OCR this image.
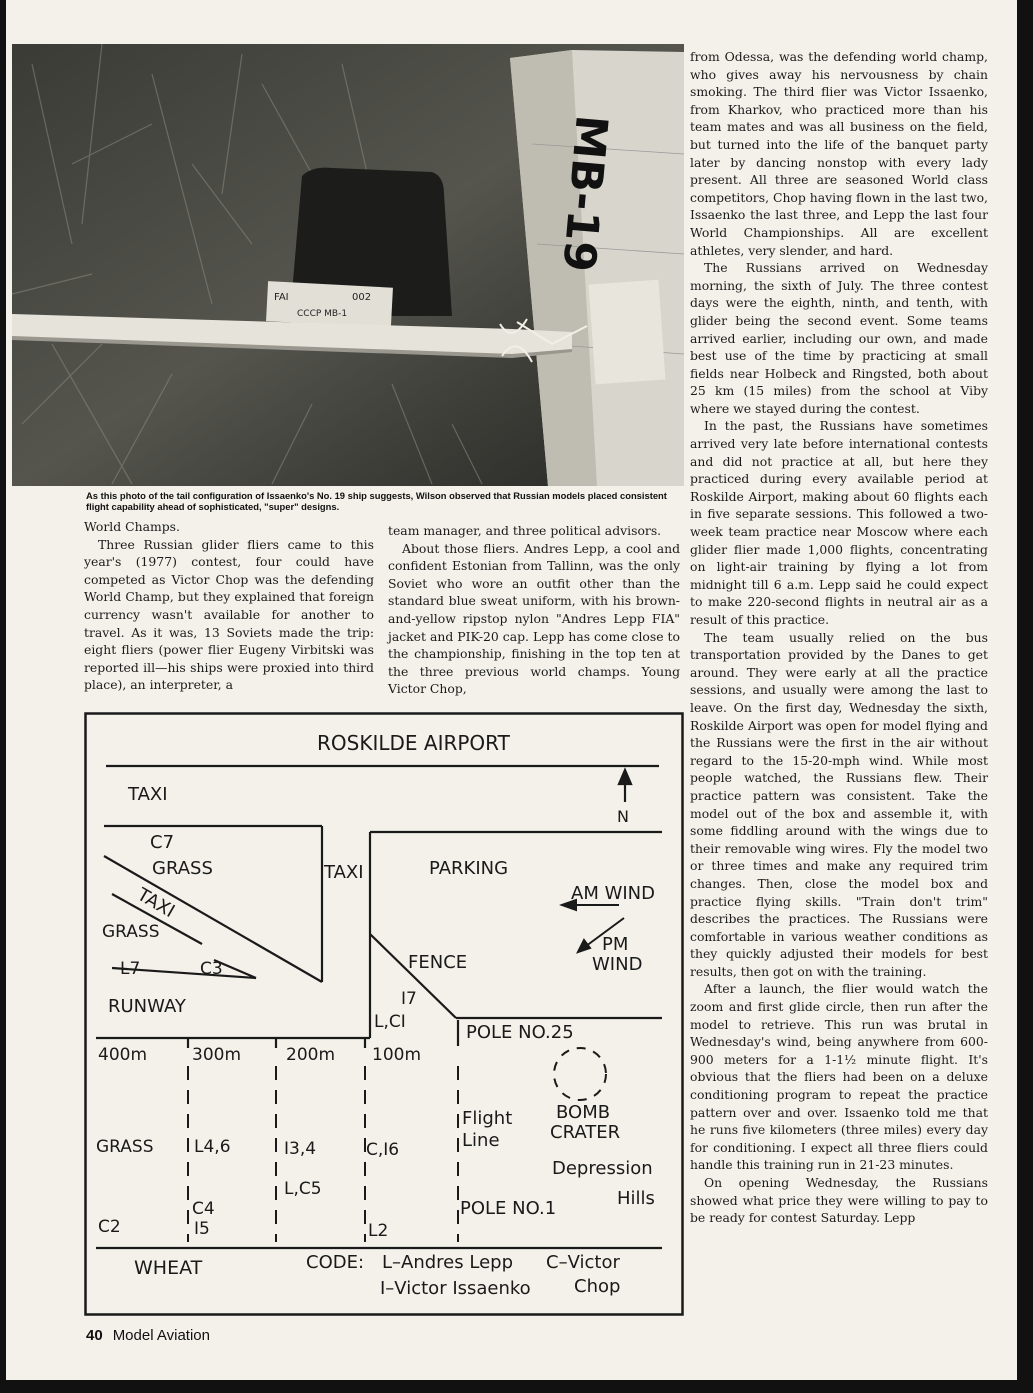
MB-19
FAI	002
CCCP MB-1

As this photo of the tail configuration of Issaenko's No. 19 ship suggests, Wilson observed that Russian models placed consistent flight capability ahead of sophisticated, "super" designs.

World Champs.

Three Russian glider fliers came to this year's (1977) contest, four could have competed as Victor Chop was the defending World Champ, but they explained that foreign currency wasn't available for another to travel. As it was, 13 Soviets made the trip: eight fliers (power flier Eugeny Virbitski was reported ill—his ships were proxied into third place), an interpreter, a

team manager, and three political advisors.

About those fliers. Andres Lepp, a cool and confident Estonian from Tallinn, was the only Soviet who wore an outfit other than the standard blue sweat uniform, with his brown-and-yellow ripstop nylon "Andres Lepp FIA" jacket and PIK-20 cap. Lepp has come close to the championship, finishing in the top ten at the three previous world champs. Young Victor Chop,

from Odessa, was the defending world champ, who gives away his nervousness by chain smoking. The third flier was Victor Issaenko, from Kharkov, who practiced more than his team mates and was all business on the field, but turned into the life of the banquet party later by dancing nonstop with every lady present. All three are seasoned World class competitors, Chop having flown in the last two, Issaenko the last three, and Lepp the last four World Championships. All are excellent athletes, very slender, and hard.

The Russians arrived on Wednesday morning, the sixth of July. The three contest days were the eighth, ninth, and tenth, with glider being the second event. Some teams arrived earlier, including our own, and made best use of the time by practicing at small fields near Holbeck and Ringsted, both about 25 km (15 miles) from the school at Viby where we stayed during the contest.

In the past, the Russians have sometimes arrived very late before international contests and did not practice at all, but here they practiced during every available period at Roskilde Airport, making about 60 flights each in five separate sessions. This followed a two-week team practice near Moscow where each glider flier made 1,000 flights, concentrating on light-air training by flying a lot from midnight till 6 a.m. Lepp said he could expect to make 220-second flights in neutral air as a result of this practice.

The team usually relied on the bus transportation provided by the Danes to get around. They were early at all the practice sessions, and usually were among the last to leave. On the first day, Wednesday the sixth, Roskilde Airport was open for model flying and the Russians were the first in the air without regard to the 15-20-mph wind. While most people watched, the Russians flew. Their practice pattern was consistent. Take the model out of the box and assemble it, with some fiddling around with the wings due to their removable wing wires. Fly the model two or three times and make any required trim changes. Then, close the model box and practice flying skills. "Train don't trim" describes the practices. The Russians were comfortable in various weather conditions as they quickly adjusted their models for best results, then got on with the training.

After a launch, the flier would watch the zoom and first glide circle, then run after the model to retrieve. This run was brutal in Wednesday's wind, being anywhere from 600-900 meters for a 1-1½ minute flight. It's obvious that the fliers had been on a deluxe conditioning program to repeat the practice pattern over and over. Issaenko told me that he runs five kilometers (three miles) every day for conditioning. I expect all three fliers could handle this training run in 21-23 minutes.

On opening Wednesday, the Russians showed what price they were willing to pay to be ready for contest Saturday. Lepp

ROSKILDE AIRPORT
TAXI
N
C7
GRASS	TAXI	PARKING
TAXI
GRASS
AM WIND
PM
WIND
FENCE
L7	C3
RUNWAY	I7
L,CI	POLE NO.25
400m	300m	200m 100m
Flight
Line
BOMB
CRATER
GRASS L4,6	I3,4	C,I6
Depression
L,C5	Hills
C4
I5
POLE NO.1
C2	L2
WHEAT	CODE: L–Andres Lepp C–Victor
Chop
I–Victor Issaenko
40 Model Aviation
